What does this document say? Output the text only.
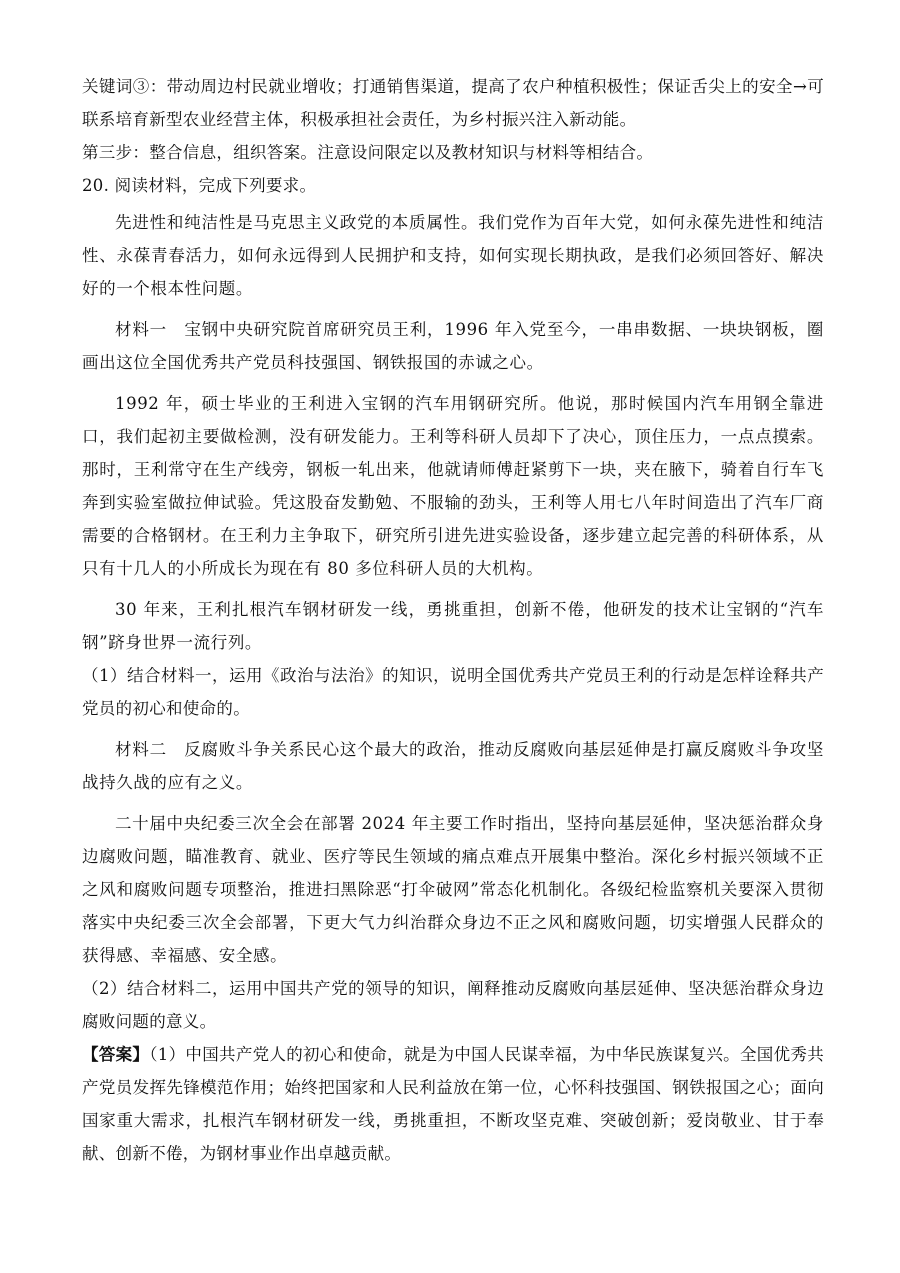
关键词③：带动周边村民就业增收；打通销售渠道，提高了农户种植积极性；保证舌尖上的安全→可联系培育新型农业经营主体，积极承担社会责任，为乡村振兴注入新动能。

第三步：整合信息，组织答案。注意设问限定以及教材知识与材料等相结合。

20. 阅读材料，完成下列要求。

先进性和纯洁性是马克思主义政党的本质属性。我们党作为百年大党，如何永葆先进性和纯洁性、永葆青春活力，如何永远得到人民拥护和支持，如何实现长期执政，是我们必须回答好、解决好的一个根本性问题。

材料一　宝钢中央研究院首席研究员王利，1996 年入党至今，一串串数据、一块块钢板，圈画出这位全国优秀共产党员科技强国、钢铁报国的赤诚之心。

1992 年，硕士毕业的王利进入宝钢的汽车用钢研究所。他说，那时候国内汽车用钢全靠进口，我们起初主要做检测，没有研发能力。王利等科研人员却下了决心，顶住压力，一点点摸索。那时，王利常守在生产线旁，钢板一轧出来，他就请师傅赶紧剪下一块，夹在腋下，骑着自行车飞奔到实验室做拉伸试验。凭这股奋发勤勉、不服输的劲头，王利等人用七八年时间造出了汽车厂商需要的合格钢材。在王利力主争取下，研究所引进先进实验设备，逐步建立起完善的科研体系，从只有十几人的小所成长为现在有 80 多位科研人员的大机构。

30 年来，王利扎根汽车钢材研发一线，勇挑重担，创新不倦，他研发的技术让宝钢的“汽车钢”跻身世界一流行列。

（1）结合材料一，运用《政治与法治》的知识，说明全国优秀共产党员王利的行动是怎样诠释共产党员的初心和使命的。

材料二　反腐败斗争关系民心这个最大的政治，推动反腐败向基层延伸是打赢反腐败斗争攻坚战持久战的应有之义。

二十届中央纪委三次全会在部署 2024 年主要工作时指出，坚持向基层延伸，坚决惩治群众身边腐败问题，瞄准教育、就业、医疗等民生领域的痛点难点开展集中整治。深化乡村振兴领域不正之风和腐败问题专项整治，推进扫黑除恶“打伞破网”常态化机制化。各级纪检监察机关要深入贯彻落实中央纪委三次全会部署，下更大气力纠治群众身边不正之风和腐败问题，切实增强人民群众的获得感、幸福感、安全感。

（2）结合材料二，运用中国共产党的领导的知识，阐释推动反腐败向基层延伸、坚决惩治群众身边腐败问题的意义。

【答案】（1）中国共产党人的初心和使命，就是为中国人民谋幸福，为中华民族谋复兴。全国优秀共产党员发挥先锋模范作用；始终把国家和人民利益放在第一位，心怀科技强国、钢铁报国之心；面向国家重大需求，扎根汽车钢材研发一线，勇挑重担，不断攻坚克难、突破创新；爱岗敬业、甘于奉献、创新不倦，为钢材事业作出卓越贡献。
